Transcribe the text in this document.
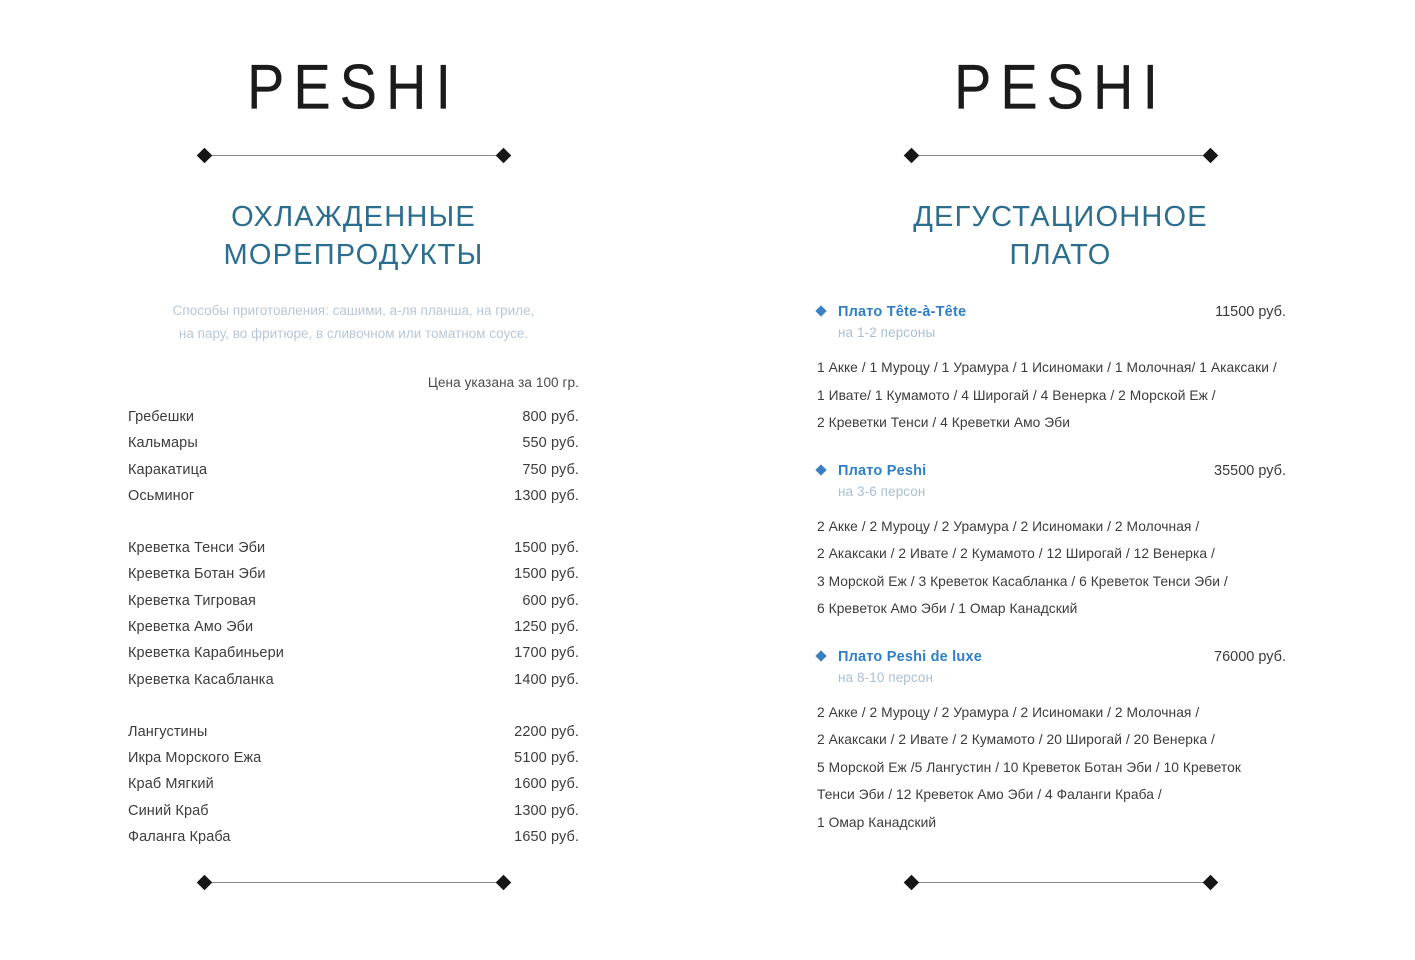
PESHI
ОХЛАЖДЕННЫЕ
МОРЕПРОДУКТЫ
Способы приготовления: сашими, а-ля планша, на гриле,
на пару, во фритюре, в сливочном или томатном соусе.
Цена указана за 100 гр.
Гребешки	800 руб.
Кальмары	550 руб.
Каракатица	750 руб.
Осьминог	1300 руб.
Креветка Тенси Эби	1500 руб.
Креветка Ботан Эби	1500 руб.
Креветка Тигровая	600 руб.
Креветка Амо Эби	1250 руб.
Креветка Карабиньери	1700 руб.
Креветка Касабланка	1400 руб.
Лангустины	2200 руб.
Икра Морского Ежа	5100 руб.
Краб Мягкий	1600 руб.
Синий Краб	1300 руб.
Фаланга Краба	1650 руб.
PESHI
ДЕГУСТАЦИОННОЕ
ПЛАТО
Плато Tête-à-Tête	11500 руб.
на 1-2 персоны
1 Акке / 1 Муроцу / 1 Урамура / 1 Исиномаки / 1 Молочная/ 1 Акаксаки /
1 Ивате/ 1 Кумамото / 4 Широгай / 4 Венерка / 2 Морской Еж /
2 Креветки Тенси / 4 Креветки Амо Эби
Плато Peshi	35500 руб.
на 3-6 персон
2 Акке / 2 Муроцу / 2 Урамура / 2 Исиномаки / 2 Молочная /
2 Акаксаки / 2 Ивате / 2 Кумамото / 12 Широгай / 12 Венерка /
3 Морской Еж / 3 Креветок Касабланка / 6 Креветок Тенси Эби /
6 Креветок Амо Эби / 1 Омар Канадский
Плато Peshi de luxe	76000 руб.
на 8-10 персон
2 Акке / 2 Муроцу / 2 Урамура / 2 Исиномаки / 2 Молочная /
2 Акаксаки / 2 Ивате / 2 Кумамото / 20 Широгай / 20 Венерка /
5 Морской Еж /5 Лангустин / 10 Креветок Ботан Эби / 10 Креветок
Тенси Эби / 12 Креветок Амо Эби / 4 Фаланги Краба /
1 Омар Канадский
